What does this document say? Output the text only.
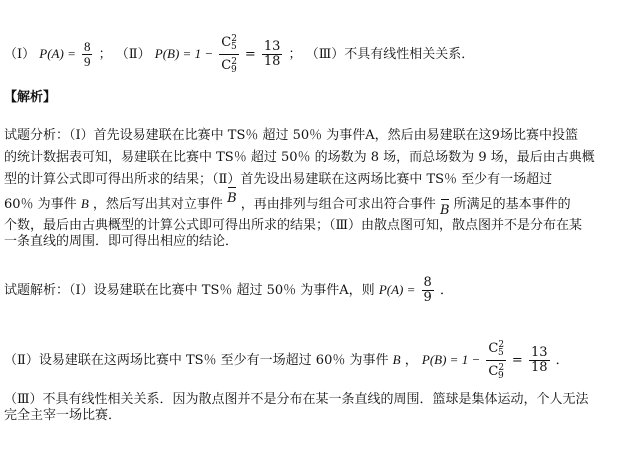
（Ⅰ） $P(A) = \frac{8}{9}$ ； （Ⅱ） $P(B) = 1 - \frac{C^2_5}{C^2_9} = \frac{13}{18}$ ； （Ⅲ）不具有线性相关关系．
【解析】
试题分析：（Ⅰ）首先设易建联在比赛中 TS％ 超过 50％ 为事件A，然后由易建联在这9场比赛中投篮
的统计数据表可知，易建联在比赛中 TS％ 超过 50％ 的场数为 8 场，而总场数为 9 场，最后由古典概
型的计算公式即可得出所求的结果；（Ⅱ）首先设出易建联在这两场比赛中 TS％ 至少有一场超过
60％ 为事件 B ，然后写出其对立事件 B ，再由排列与组合可求出符合事件 B 所满足的基本事件的
个数，最后由古典概型的计算公式即可得出所求的结果；（Ⅲ）由散点图可知，散点图并不是分布在某
一条直线的周围．即可得出相应的结论．
试题解析：（Ⅰ）设易建联在比赛中 TS％ 超过 50％ 为事件A，则 $P(A) = \frac{8}{9}$ ．
（Ⅱ）设易建联在这两场比赛中 TS％ 至少有一场超过 60％ 为事件 B ， $P(B) = 1 - \frac{C^2_5}{C^2_9} = \frac{13}{18}$ ．
（Ⅲ）不具有线性相关关系．因为散点图并不是分布在某一条直线的周围．篮球是集体运动，个人无法
完全主宰一场比赛．
